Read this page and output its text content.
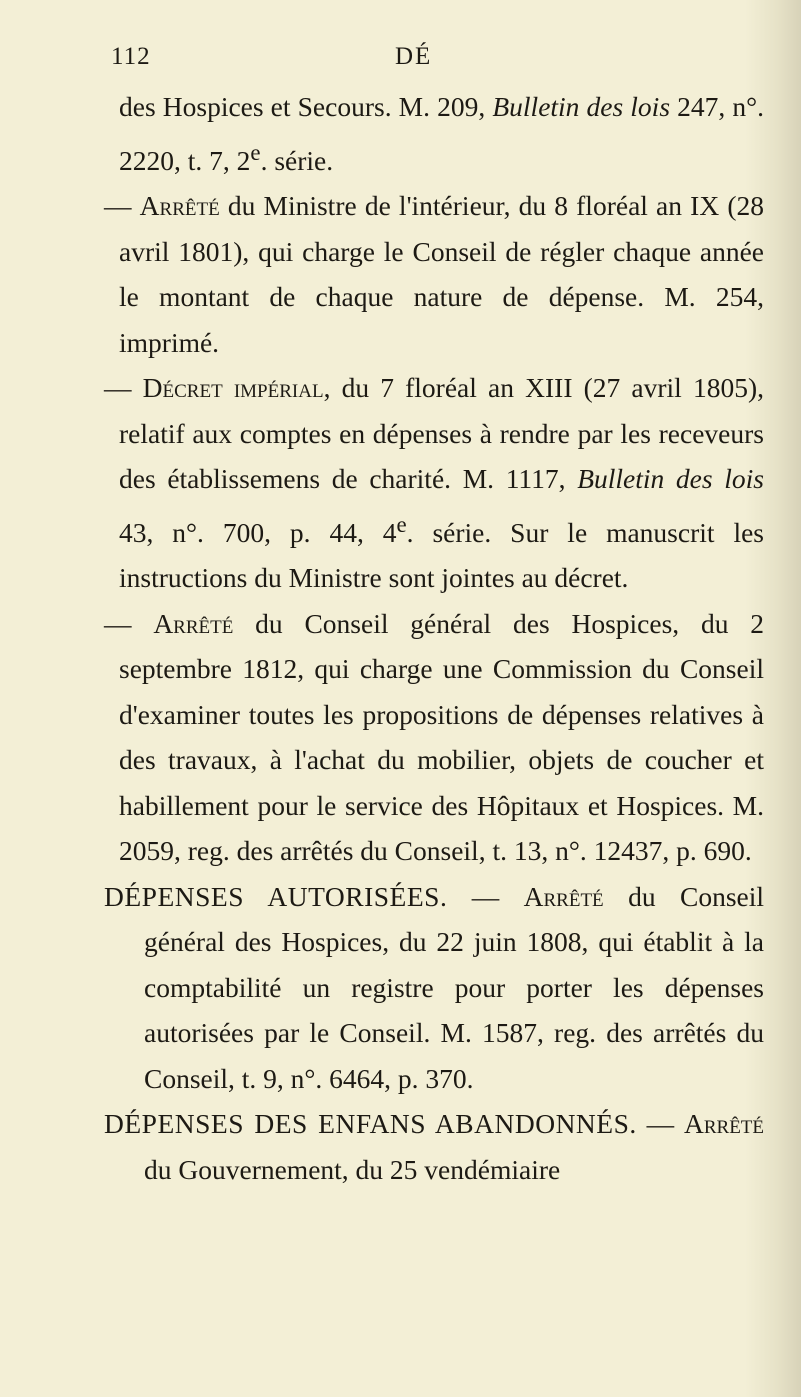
112	DÉ

des Hospices et Secours. M. 209, Bulletin des lois 247, n°. 2220, t. 7, 2e. série.

— Arrêté du Ministre de l'intérieur, du 8 floréal an IX (28 avril 1801), qui charge le Conseil de régler chaque année le montant de chaque nature de dépense. M. 254, imprimé.

— Décret impérial, du 7 floréal an XIII (27 avril 1805), relatif aux comptes en dépenses à rendre par les receveurs des établissemens de charité. M. 1117, Bulletin des lois 43, n°. 700, p. 44, 4e. série. Sur le manuscrit les instructions du Ministre sont jointes au décret.

— Arrêté du Conseil général des Hospices, du 2 septembre 1812, qui charge une Commission du Conseil d'examiner toutes les propositions de dépenses relatives à des travaux, à l'achat du mobilier, objets de coucher et habillement pour le service des Hôpitaux et Hospices. M. 2059, reg. des arrêtés du Conseil, t. 13, n°. 12437, p. 690.

DÉPENSES AUTORISÉES. — Arrêté du Conseil général des Hospices, du 22 juin 1808, qui établit à la comptabilité un registre pour porter les dépenses autorisées par le Conseil. M. 1587, reg. des arrêtés du Conseil, t. 9, n°. 6464, p. 370.

DÉPENSES DES ENFANS ABANDONNÉS. — Arrêté du Gouvernement, du 25 vendémiaire
